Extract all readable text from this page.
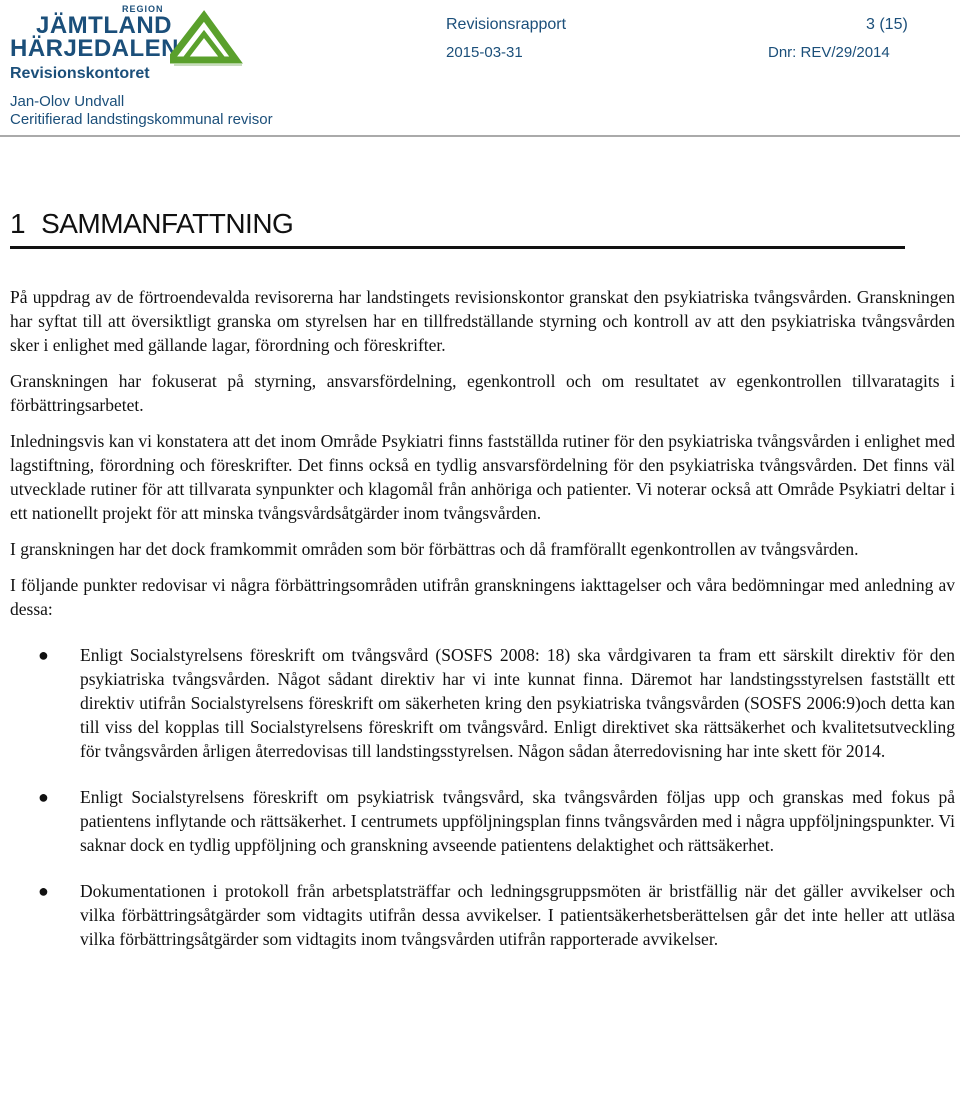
REGION
JÄMTLAND
HÄRJEDALEN
Revisionskontoret
Jan-Olov Undvall
Ceritifierad landstingskommunal revisor
Revisionsrapport	3 (15)
2015-03-31	Dnr: REV/29/2014
1 SAMMANFATTNING

På uppdrag av de förtroendevalda revisorerna har landstingets revisionskontor granskat den psykiatriska tvångsvården. Granskningen har syftat till att översiktligt granska om styrelsen har en tillfredställande styrning och kontroll av att den psykiatriska tvångsvården sker i enlighet med gällande lagar, förordning och föreskrifter.

Granskningen har fokuserat på styrning, ansvarsfördelning, egenkontroll och om resultatet av egenkontrollen tillvaratagits i förbättringsarbetet.

Inledningsvis kan vi konstatera att det inom Område Psykiatri finns fastställda rutiner för den psykiatriska tvångsvården i enlighet med lagstiftning, förordning och föreskrifter. Det finns också en tydlig ansvarsfördelning för den psykiatriska tvångsvården. Det finns väl utvecklade rutiner för att tillvarata synpunkter och klagomål från anhöriga och patienter. Vi noterar också att Område Psykiatri deltar i ett nationellt projekt för att minska tvångsvårdsåtgärder inom tvångsvården.

I granskningen har det dock framkommit områden som bör förbättras och då framförallt egenkontrollen av tvångsvården.

I följande punkter redovisar vi några förbättringsområden utifrån granskningens iakttagelser och våra bedömningar med anledning av dessa:

● Enligt Socialstyrelsens föreskrift om tvångsvård (SOSFS 2008: 18) ska vårdgivaren ta fram ett särskilt direktiv för den psykiatriska tvångsvården. Något sådant direktiv har vi inte kunnat finna. Däremot har landstingsstyrelsen fastställt ett direktiv utifrån Socialstyrelsens föreskrift om säkerheten kring den psykiatriska tvångsvården (SOSFS 2006:9)och detta kan till viss del kopplas till Socialstyrelsens föreskrift om tvångsvård. Enligt direktivet ska rättsäkerhet och kvalitetsutveckling för tvångsvården årligen återredovisas till landstingsstyrelsen. Någon sådan återredovisning har inte skett för 2014.
● Enligt Socialstyrelsens föreskrift om psykiatrisk tvångsvård, ska tvångsvården följas upp och granskas med fokus på patientens inflytande och rättsäkerhet. I centrumets uppföljningsplan finns tvångsvården med i några uppföljningspunkter. Vi saknar dock en tydlig uppföljning och granskning avseende patientens delaktighet och rättsäkerhet.
● Dokumentationen i protokoll från arbetsplatsträffar och ledningsgruppsmöten är bristfällig när det gäller avvikelser och vilka förbättringsåtgärder som vidtagits utifrån dessa avvikelser. I patientsäkerhetsberättelsen går det inte heller att utläsa vilka förbättringsåtgärder som vidtagits inom tvångsvården utifrån rapporterade avvikelser.
